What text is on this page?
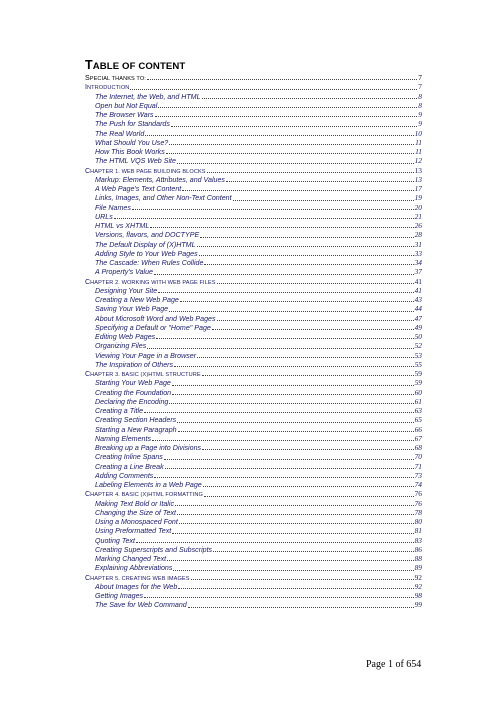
TABLE OF CONTENT
SPECIAL THANKS TO:	7
INTRODUCTION	7
The Internet, the Web, and HTML	8
Open but Not Equal	8
The Browser Wars	9
The Push for Standards	9
The Real World	10
What Should You Use?	11
How This Book Works	11
The HTML VQS Web Site	12
CHAPTER 1. WEB PAGE BUILDING BLOCKS	13
Markup: Elements, Attributes, and Values	13
A Web Page's Text Content	17
Links, Images, and Other Non-Text Content	19
File Names	20
URLs	21
HTML vs XHTML	26
Versions, flavors, and DOCTYPE	28
The Default Display of (X)HTML	31
Adding Style to Your Web Pages	33
The Cascade: When Rules Collide	34
A Property's Value	37
CHAPTER 2. WORKING WITH WEB PAGE FILES	41
Designing Your Site	41
Creating a New Web Page	43
Saving Your Web Page	44
About Microsoft Word and Web Pages	47
Specifying a Default or "Home" Page	49
Editing Web Pages	50
Organizing Files	52
Viewing Your Page in a Browser	53
The Inspiration of Others	55
CHAPTER 3. BASIC (X)HTML STRUCTURE	59
Starting Your Web Page	59
Creating the Foundation	60
Declaring the Encoding	61
Creating a Title	63
Creating Section Headers	65
Starting a New Paragraph	66
Naming Elements	67
Breaking up a Page into Divisions	68
Creating Inline Spans	70
Creating a Line Break	71
Adding Comments	73
Labeling Elements in a Web Page	74
CHAPTER 4. BASIC (X)HTML FORMATTING	76
Making Text Bold or Italic	76
Changing the Size of Text	78
Using a Monospaced Font	80
Using Preformatted Text	81
Quoting Text	83
Creating Superscripts and Subscripts	86
Marking Changed Text	88
Explaining Abbreviations	89
CHAPTER 5. CREATING WEB IMAGES	92
About Images for the Web	92
Getting Images	98
The Save for Web Command	99
Page 1 of 654
